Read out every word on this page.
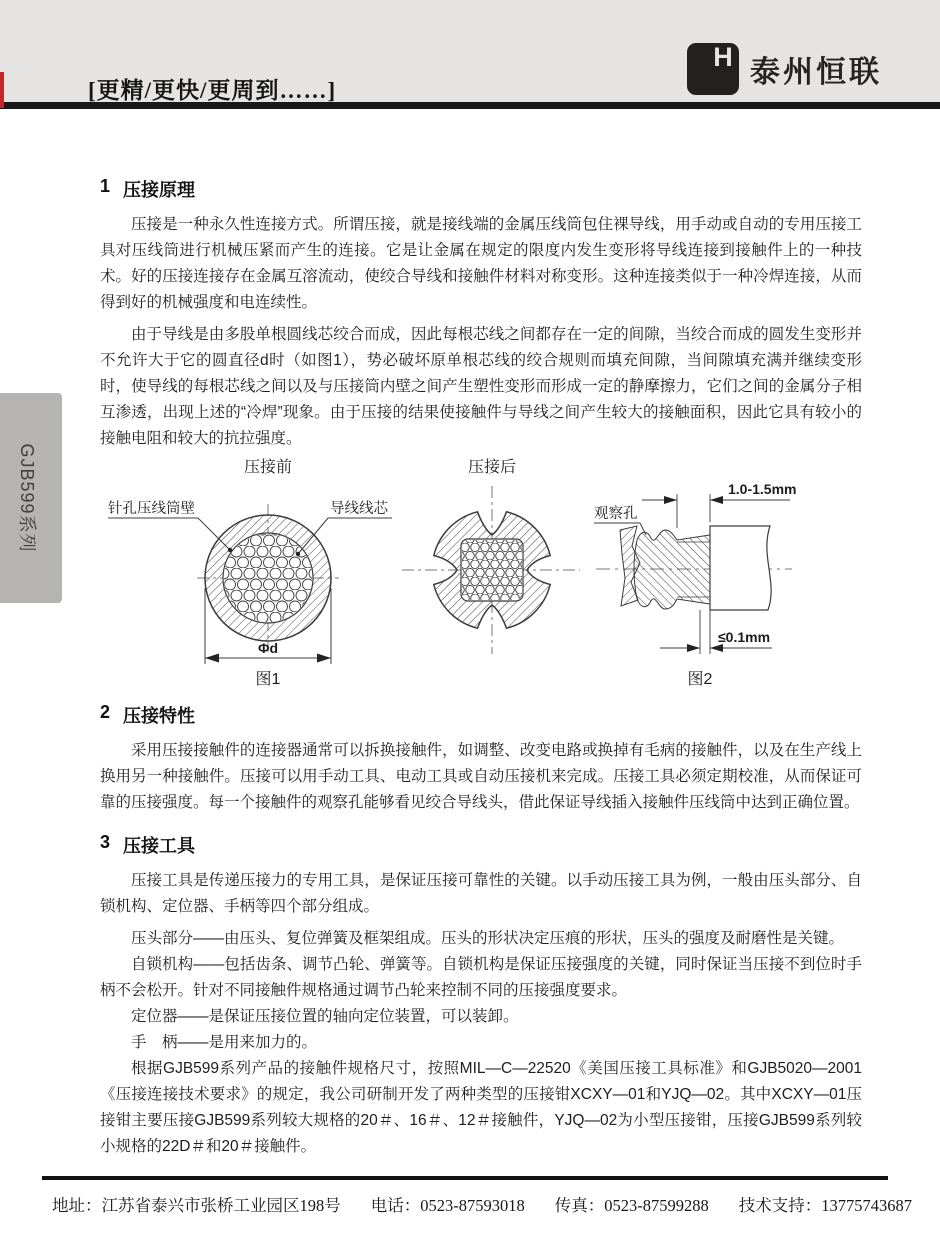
[更精/更快/更周到……]
H 泰州恒联
GJB599系列
1 压接原理

压接是一种永久性连接方式。所谓压接，就是接线端的金属压线筒包住裸导线，用手动或自动的专用压接工具对压线筒进行机械压紧而产生的连接。它是让金属在规定的限度内发生变形将导线连接到接触件上的一种技术。好的压接连接存在金属互溶流动，使绞合导线和接触件材料对称变形。这种连接类似于一种冷焊连接，从而得到好的机械强度和电连续性。

由于导线是由多股单根圆线芯绞合而成，因此每根芯线之间都存在一定的间隙，当绞合而成的圆发生变形并不允许大于它的圆直径d时（如图1），势必破坏原单根芯线的绞合规则而填充间隙，当间隙填充满并继续变形时，使导线的每根芯线之间以及与压接筒内壁之间产生塑性变形而形成一定的静摩擦力，它们之间的金属分子相互渗透，出现上述的“冷焊”现象。由于压接的结果使接触件与导线之间产生较大的接触面积，因此它具有较小的接触电阻和较大的抗拉强度。

压接前	压接后
针孔压线筒壁	导线线芯
Φd
图1
观察孔
1.0-1.5mm
≤0.1mm
图2
2 压接特性

采用压接接触件的连接器通常可以拆换接触件，如调整、改变电路或换掉有毛病的接触件，以及在生产线上换用另一种接触件。压接可以用手动工具、电动工具或自动压接机来完成。压接工具必须定期校准，从而保证可靠的压接强度。每一个接触件的观察孔能够看见绞合导线头，借此保证导线插入接触件压线筒中达到正确位置。

3 压接工具

压接工具是传递压接力的专用工具，是保证压接可靠性的关键。以手动压接工具为例，一般由压头部分、自锁机构、定位器、手柄等四个部分组成。

压头部分——由压头、复位弹簧及框架组成。压头的形状决定压痕的形状，压头的强度及耐磨性是关键。

自锁机构——包括齿条、调节凸轮、弹簧等。自锁机构是保证压接强度的关键，同时保证当压接不到位时手柄不会松开。针对不同接触件规格通过调节凸轮来控制不同的压接强度要求。

定位器——是保证压接位置的轴向定位装置，可以装卸。

手　柄——是用来加力的。

根据GJB599系列产品的接触件规格尺寸，按照MIL—C—22520《美国压接工具标准》和GJB5020—2001《压接连接技术要求》的规定，我公司研制开发了两种类型的压接钳XCXY—01和YJQ—02。其中XCXY—01压接钳主要压接GJB599系列较大规格的20＃、16＃、12＃接触件，YJQ—02为小型压接钳，压接GJB599系列较小规格的22D＃和20＃接触件。

地址：江苏省泰兴市张桥工业园区198号 电话：0523-87593018 传真：0523-87599288 技术支持：13775743687
